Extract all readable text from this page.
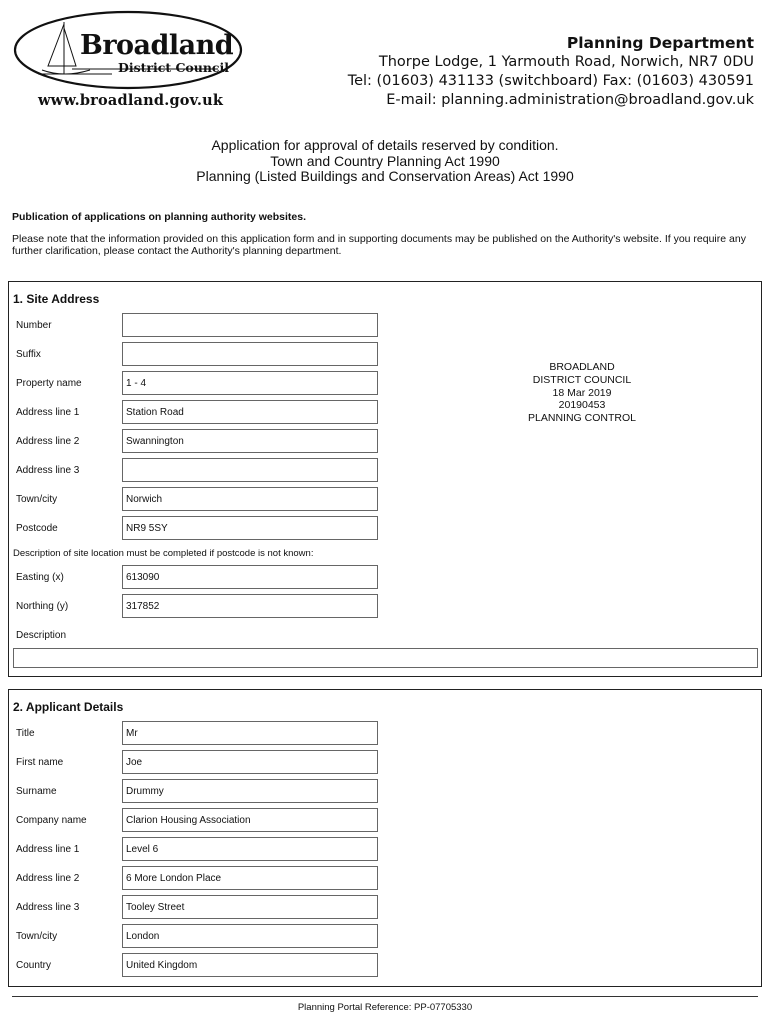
Broadland
District Council
www.broadland.gov.uk
Planning Department
Thorpe Lodge, 1 Yarmouth Road, Norwich, NR7 0DU
Tel: (01603) 431133 (switchboard) Fax: (01603) 430591
E-mail: planning.administration@broadland.gov.uk
Application for approval of details reserved by condition.
Town and Country Planning Act 1990
Planning (Listed Buildings and Conservation Areas) Act 1990
Publication of applications on planning authority websites.
Please note that the information provided on this application form and in supporting documents may be published on the Authority's website. If you require any further clarification, please contact the Authority's planning department.
1. Site Address
Number
Suffix
Property name	1 - 4
Address line 1	Station Road
Address line 2	Swannington
Address line 3
Town/city	Norwich
Postcode	NR9 5SY
Description of site location must be completed if postcode is not known:
Easting (x)	613090
Northing (y)	317852
Description
BROADLAND
DISTRICT COUNCIL
18 Mar 2019
20190453
PLANNING CONTROL
2. Applicant Details
Title	Mr
First name	Joe
Surname	Drummy
Company name	Clarion Housing Association
Address line 1	Level 6
Address line 2	6 More London Place
Address line 3	Tooley Street
Town/city	London
Country	United Kingdom
Planning Portal Reference: PP-07705330
